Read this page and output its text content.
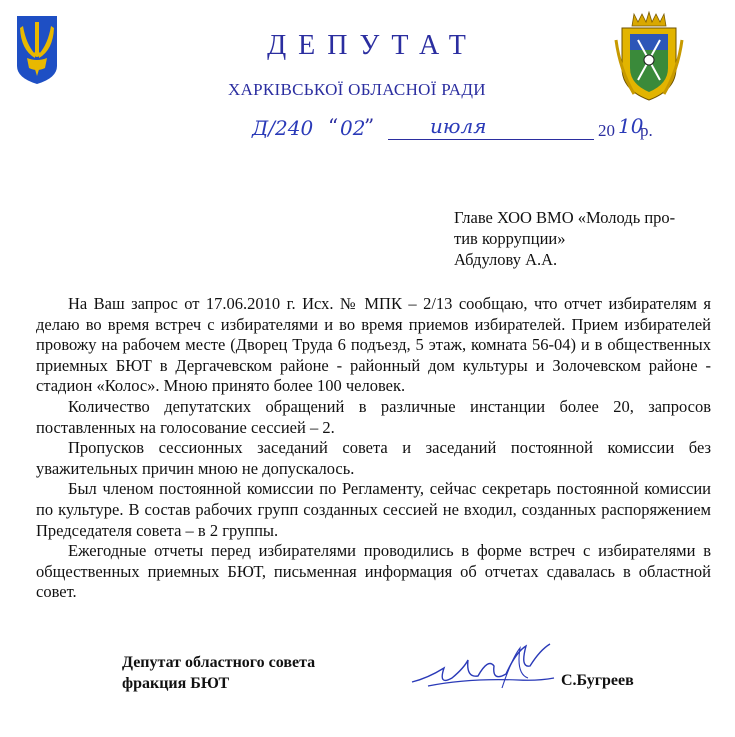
ДЕПУТАТ
ХАРКІВСЬКОЇ ОБЛАСНОЇ РАДИ
Д/240 “ 02
”	июля	20 10
р.
Главе ХОО ВМО «Молодь про-
тив коррупции»
Абдулову А.А.

На Ваш запрос от 17.06.2010 г. Исх. № МПК – 2/13 сообщаю, что отчет избирателям я делаю во время встреч с избирателями и во время приемов избирателей. Прием избирателей провожу на рабочем месте (Дворец Труда 6 подъезд, 5 этаж, комната 56-04) и в общественных приемных БЮТ в Дергачевском районе - районный дом культуры и Золочевском районе - стадион «Колос». Мною принято более 100 человек.

Количество депутатских обращений в различные инстанции более 20, запросов поставленных на голосование сессией – 2.

Пропусков сессионных заседаний совета и заседаний постоянной комиссии без уважительных причин мною не допускалось.

Был членом постоянной комиссии по Регламенту, сейчас секретарь постоянной комиссии по культуре. В состав рабочих групп созданных сессией не входил, созданных распоряжением Председателя совета – в 2 группы.

Ежегодные отчеты перед избирателями проводились в форме встреч с избирателями в общественных приемных БЮТ, письменная информация об отчетах сдавалась в областной совет.

Депутат областного совета
фракция БЮТ	С.Бугреев
